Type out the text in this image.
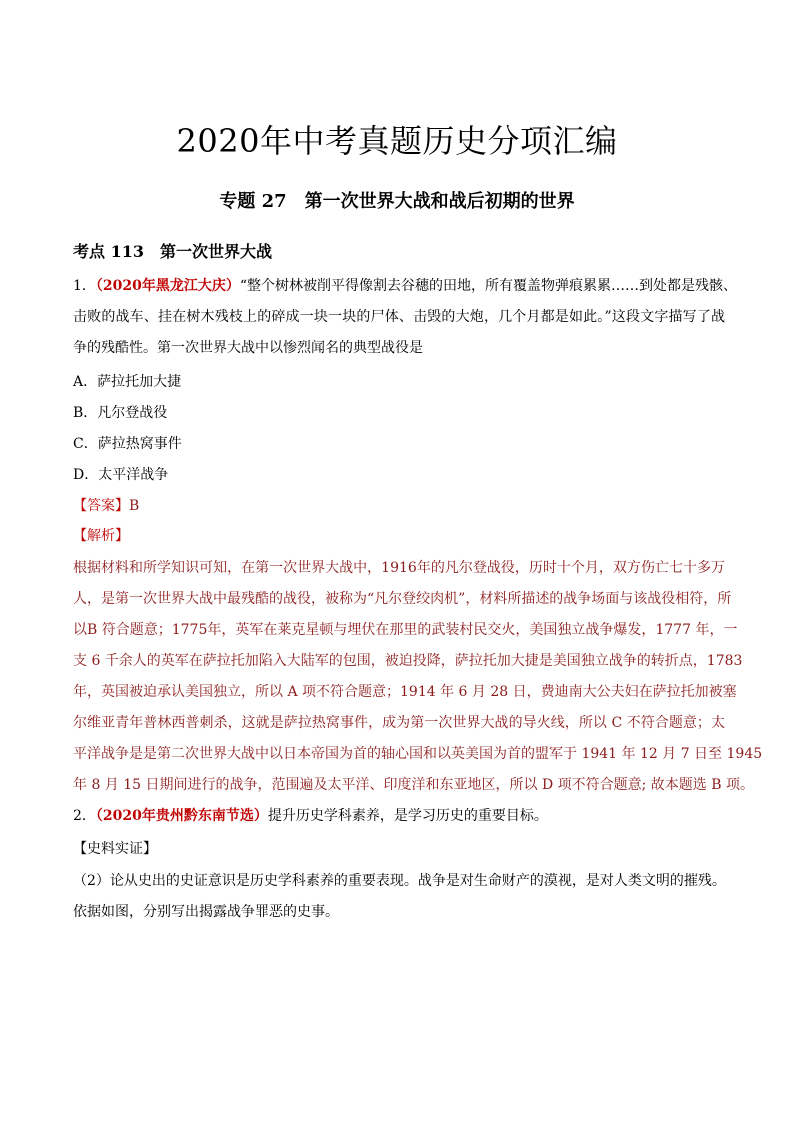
2020年中考真题历史分项汇编
专题 27　第一次世界大战和战后初期的世界
考点 113　第一次世界大战
1．（2020年黑龙江大庆）“整个树林被削平得像割去谷穗的田地，所有覆盖物弹痕累累……到处都是残骸、
击败的战车、挂在树木残枝上的碎成一块一块的尸体、击毁的大炮，几个月都是如此。”这段文字描写了战
争的残酷性。第一次世界大战中以惨烈闻名的典型战役是
A．萨拉托加大捷
B．凡尔登战役
C．萨拉热窝事件
D．太平洋战争
【答案】B
【解析】
根据材料和所学知识可知，在第一次世界大战中，1916年的凡尔登战役，历时十个月，双方伤亡七十多万
人，是第一次世界大战中最残酷的战役，被称为“凡尔登绞肉机”，材料所描述的战争场面与该战役相符，所
以B 符合题意；1775年，英军在莱克星顿与埋伏在那里的武装村民交火，美国独立战争爆发，1777 年，一
支 6 千余人的英军在萨拉托加陷入大陆军的包围，被迫投降，萨拉托加大捷是美国独立战争的转折点，1783
年，英国被迫承认美国独立，所以 A 项不符合题意；1914 年 6 月 28 日，费迪南大公夫妇在萨拉托加被塞
尔维亚青年普林西普刺杀，这就是萨拉热窝事件，成为第一次世界大战的导火线，所以 C 不符合题意；太
平洋战争是是第二次世界大战中以日本帝国为首的轴心国和以英美国为首的盟军于 1941 年 12 月 7 日至 1945
年 8 月 15 日期间进行的战争，范围遍及太平洋、印度洋和东亚地区，所以 D 项不符合题意; 故本题选 B 项。
2．（2020年贵州黔东南节选）提升历史学科素养，是学习历史的重要目标。
【史料实证】
（2）论从史出的史证意识是历史学科素养的重要表现。战争是对生命财产的漠视，是对人类文明的摧残。
依据如图，分别写出揭露战争罪恶的史事。
